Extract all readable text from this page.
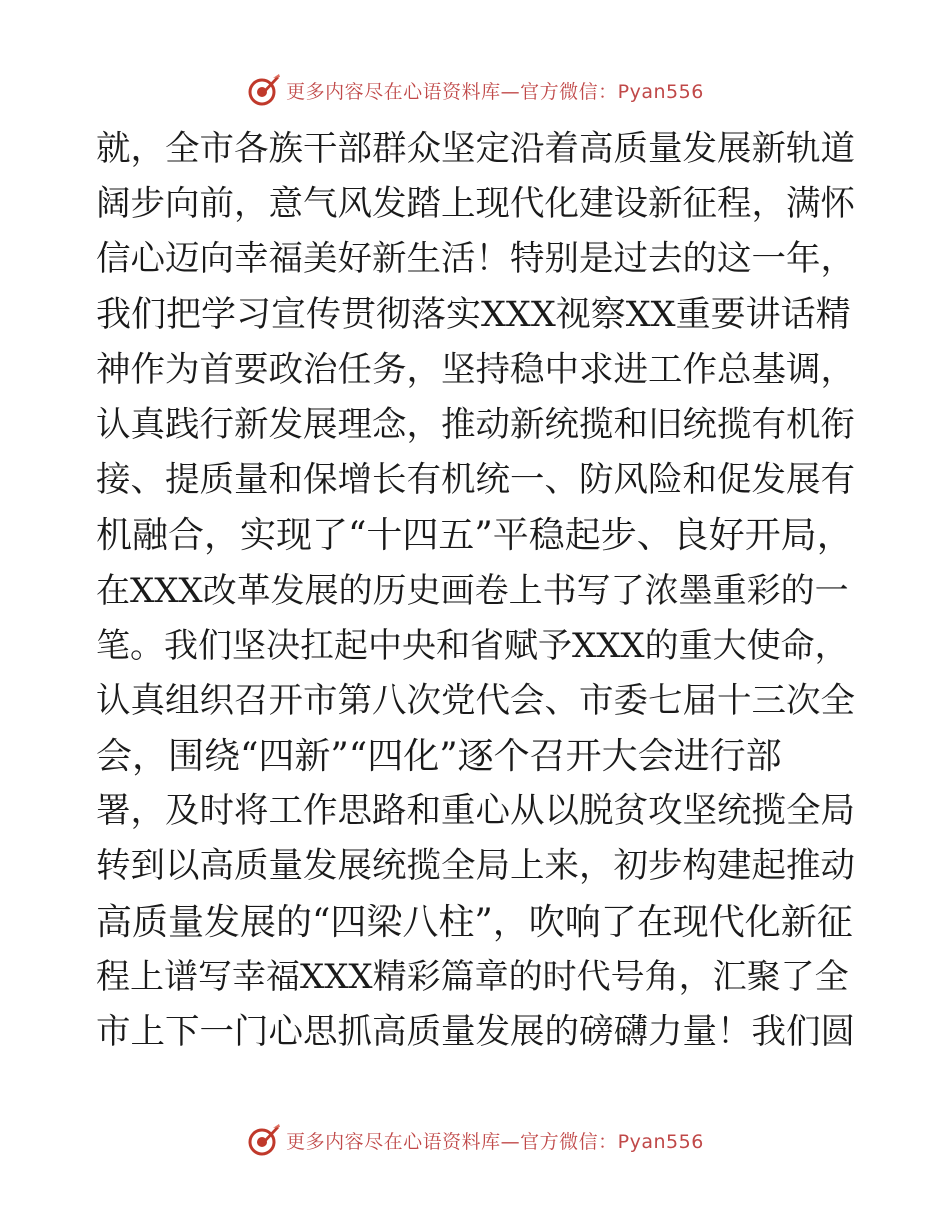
更多内容尽在心语资料库—官方微信：Pyan556
就，全市各族干部群众坚定沿着高质量发展新轨道
阔步向前，意气风发踏上现代化建设新征程，满怀
信心迈向幸福美好新生活！特别是过去的这一年，
我们把学习宣传贯彻落实XXX视察XX重要讲话精
神作为首要政治任务，坚持稳中求进工作总基调，
认真践行新发展理念，推动新统揽和旧统揽有机衔
接、提质量和保增长有机统一、防风险和促发展有
机融合，实现了“十四五”平稳起步、良好开局，
在XXX改革发展的历史画卷上书写了浓墨重彩的一
笔。我们坚决扛起中央和省赋予XXX的重大使命，
认真组织召开市第八次党代会、市委七届十三次全
会，围绕“四新”“四化”逐个召开大会进行部
署，及时将工作思路和重心从以脱贫攻坚统揽全局
转到以高质量发展统揽全局上来，初步构建起推动
高质量发展的“四梁八柱”，吹响了在现代化新征
程上谱写幸福XXX精彩篇章的时代号角，汇聚了全
市上下一门心思抓高质量发展的磅礴力量！我们圆
更多内容尽在心语资料库—官方微信：Pyan556
